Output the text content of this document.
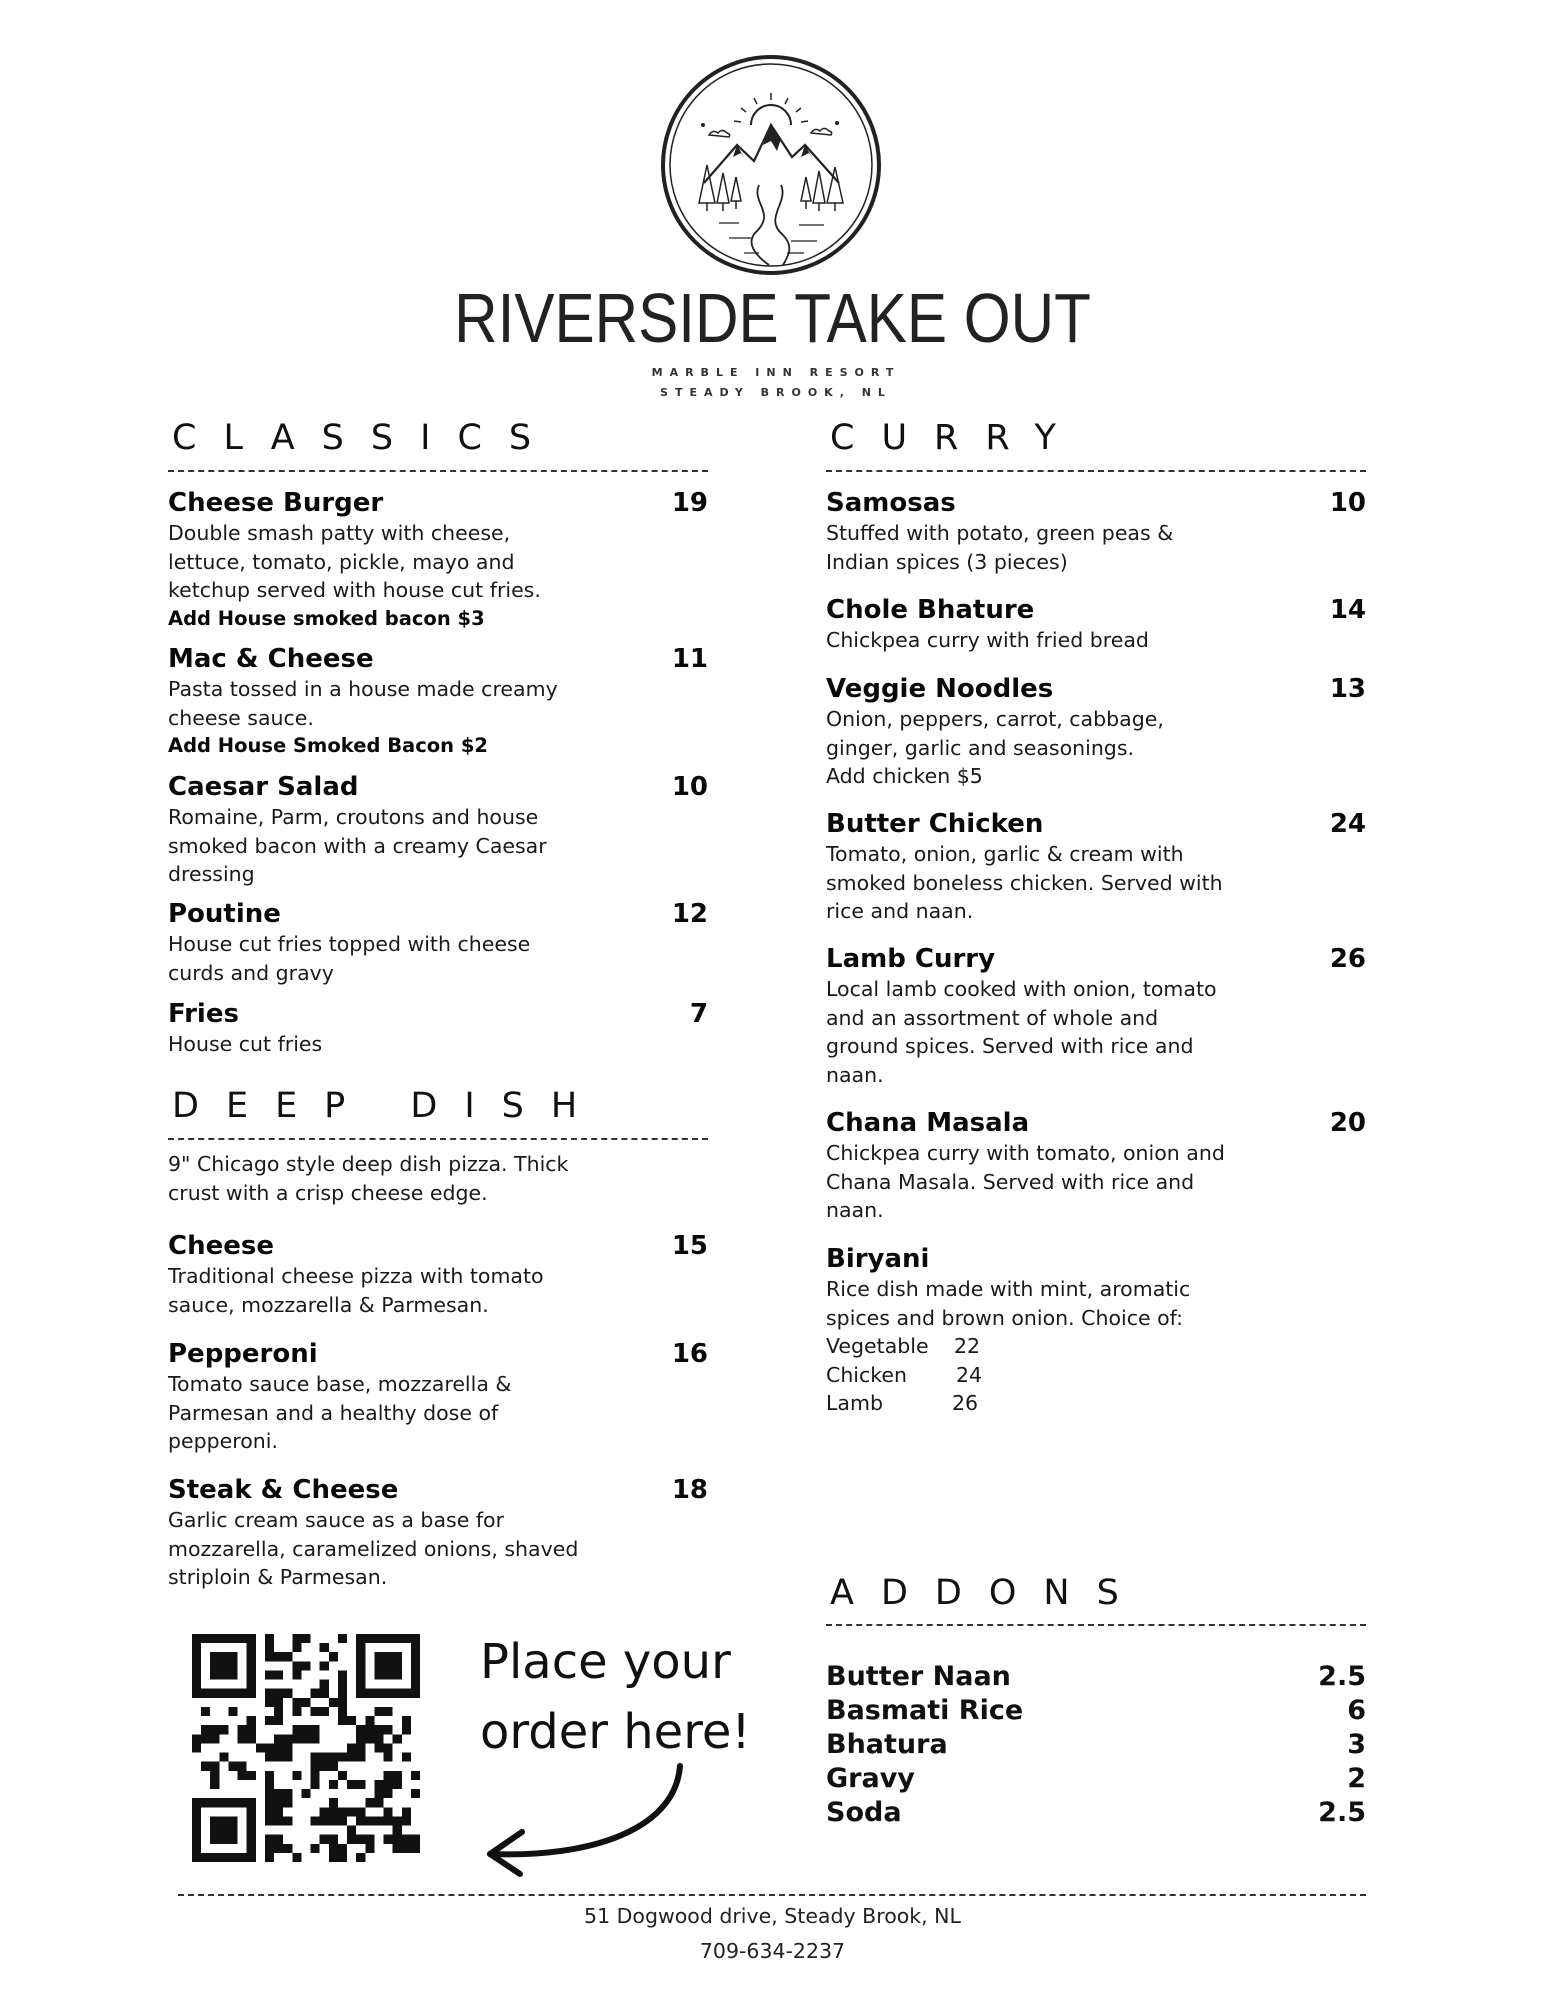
RIVERSIDE TAKE OUT
MARBLE INN RESORT
STEADY BROOK, NL
CLASSICS
Cheese Burger	19
Double smash patty with cheese,
lettuce, tomato, pickle, mayo and
ketchup served with house cut fries.
Add House smoked bacon $3
Mac & Cheese	11
Pasta tossed in a house made creamy
cheese sauce.
Add House Smoked Bacon $2
Caesar Salad	10
Romaine, Parm, croutons and house
smoked bacon with a creamy Caesar
dressing
Poutine	12
House cut fries topped with cheese
curds and gravy
Fries	7
House cut fries
DEEP DISH
9" Chicago style deep dish pizza. Thick
crust with a crisp cheese edge.
Cheese	15
Traditional cheese pizza with tomato
sauce, mozzarella & Parmesan.
Pepperoni	16
Tomato sauce base, mozzarella &
Parmesan and a healthy dose of
pepperoni.
Steak & Cheese	18
Garlic cream sauce as a base for
mozzarella, caramelized onions, shaved
striploin & Parmesan.
CURRY
Samosas	10
Stuffed with potato, green peas &
Indian spices (3 pieces)
Chole Bhature	14
Chickpea curry with fried bread
Veggie Noodles	13
Onion, peppers, carrot, cabbage,
ginger, garlic and seasonings.
Add chicken $5
Butter Chicken	24
Tomato, onion, garlic & cream with
smoked boneless chicken. Served with
rice and naan.
Lamb Curry	26
Local lamb cooked with onion, tomato
and an assortment of whole and
ground spices. Served with rice and
naan.
Chana Masala	20
Chickpea curry with tomato, onion and
Chana Masala. Served with rice and
naan.
Biryani
Rice dish made with mint, aromatic
spices and brown onion. Choice of:
Vegetable 22
Chicken 24
Lamb	26
ADDONS
Butter Naan	2.5
Basmati Rice	6
Bhatura	3
Gravy	2
Soda	2.5
Place your
order here!
51 Dogwood drive, Steady Brook, NL
709-634-2237
